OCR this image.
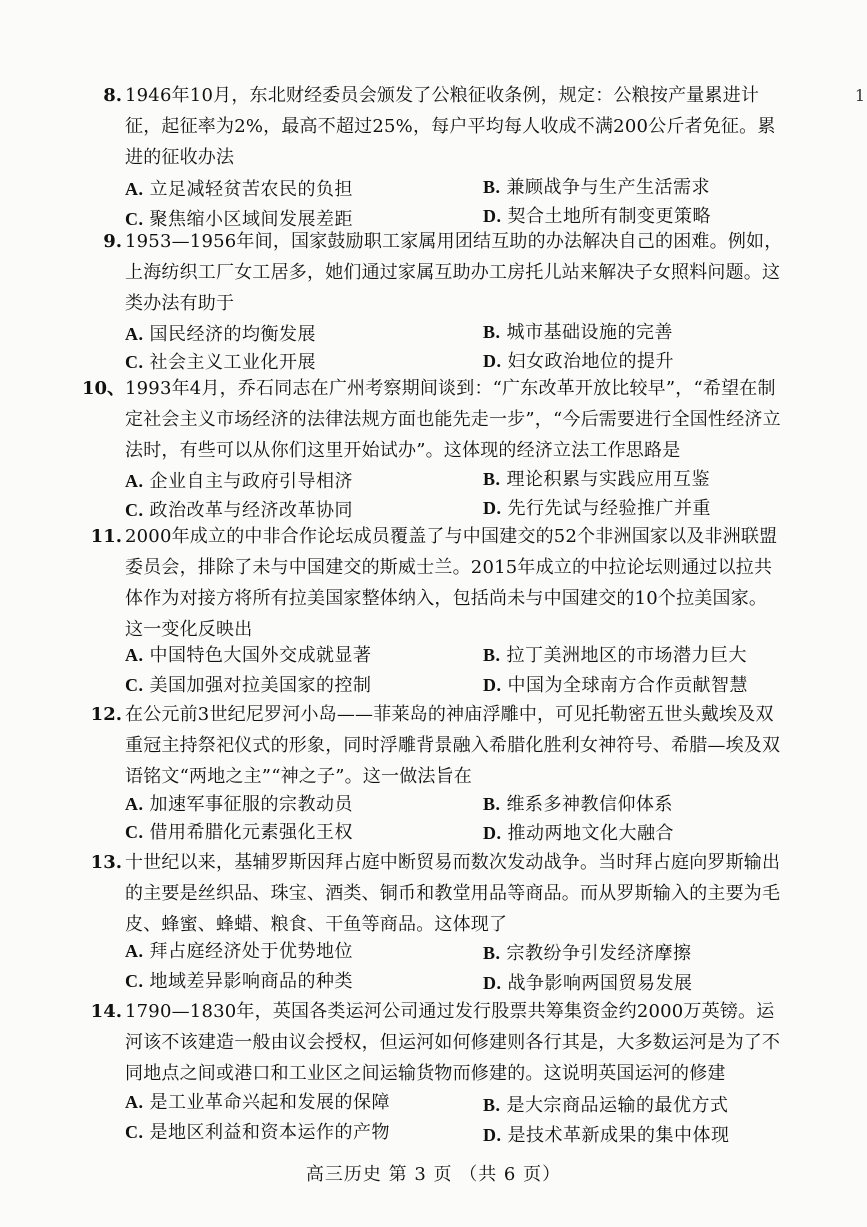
1
8. 1946年10月，东北财经委员会颁发了公粮征收条例，规定：公粮按产量累进计征，起征率为2%，最高不超过25%，每户平均每人收成不满200公斤者免征。累进的征收办法
A. 立足减轻贫苦农民的负担	B. 兼顾战争与生产生活需求
C. 聚焦缩小区域间发展差距	D. 契合土地所有制变更策略
9. 1953—1956年间，国家鼓励职工家属用团结互助的办法解决自己的困难。例如，上海纺织工厂女工居多，她们通过家属互助办工房托儿站来解决子女照料问题。这类办法有助于
A. 国民经济的均衡发展	B. 城市基础设施的完善
C. 社会主义工业化开展	D. 妇女政治地位的提升
10、 1993年4月，乔石同志在广州考察期间谈到：“广东改革开放比较早”，“希望在制定社会主义市场经济的法律法规方面也能先走一步”，“今后需要进行全国性经济立法时，有些可以从你们这里开始试办”。这体现的经济立法工作思路是
A. 企业自主与政府引导相济	B. 理论积累与实践应用互鉴
C. 政治改革与经济改革协同	D. 先行先试与经验推广并重
11. 2000年成立的中非合作论坛成员覆盖了与中国建交的52个非洲国家以及非洲联盟委员会，排除了未与中国建交的斯威士兰。2015年成立的中拉论坛则通过以拉共体作为对接方将所有拉美国家整体纳入，包括尚未与中国建交的10个拉美国家。这一变化反映出
A. 中国特色大国外交成就显著	B. 拉丁美洲地区的市场潜力巨大
C. 美国加强对拉美国家的控制	D. 中国为全球南方合作贡献智慧
12. 在公元前3世纪尼罗河小岛——菲莱岛的神庙浮雕中，可见托勒密五世头戴埃及双重冠主持祭祀仪式的形象，同时浮雕背景融入希腊化胜利女神符号、希腊—埃及双语铭文“两地之主”“神之子”。这一做法旨在
A. 加速军事征服的宗教动员	B. 维系多神教信仰体系
C. 借用希腊化元素强化王权	D. 推动两地文化大融合
13. 十世纪以来，基辅罗斯因拜占庭中断贸易而数次发动战争。当时拜占庭向罗斯输出的主要是丝织品、珠宝、酒类、铜币和教堂用品等商品。而从罗斯输入的主要为毛皮、蜂蜜、蜂蜡、粮食、干鱼等商品。这体现了
A. 拜占庭经济处于优势地位	B. 宗教纷争引发经济摩擦
C. 地域差异影响商品的种类	D. 战争影响两国贸易发展
14. 1790—1830年，英国各类运河公司通过发行股票共筹集资金约2000万英镑。运河该不该建造一般由议会授权，但运河如何修建则各行其是，大多数运河是为了不同地点之间或港口和工业区之间运输货物而修建的。这说明英国运河的修建
A. 是工业革命兴起和发展的保障	B. 是大宗商品运输的最优方式
C. 是地区利益和资本运作的产物	D. 是技术革新成果的集中体现
高三历史 第 3 页 （共 6 页）
